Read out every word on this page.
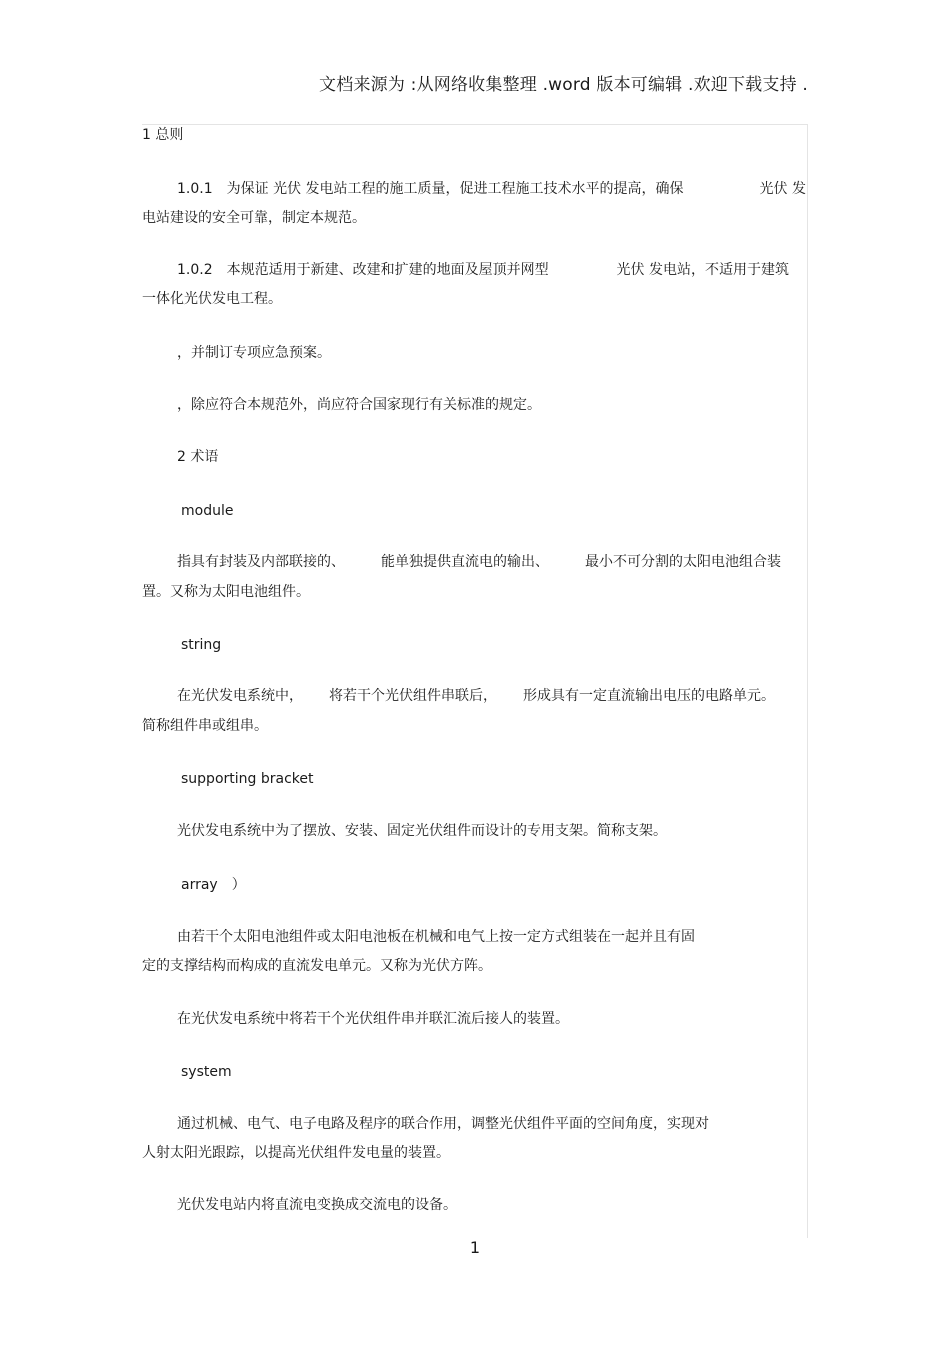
文档来源为 :从网络收集整理 .word 版本可编辑 .欢迎下载支持 .
1 总则
1.0.1　为保证 光伏 发电站工程的施工质量，促进工程施工技术水平的提高，确保	光伏 发
电站建设的安全可靠，制定本规范。
1.0.2　本规范适用于新建、改建和扩建的地面及屋顶并网型	光伏 发电站，不适用于建筑
一体化光伏发电工程。
，并制订专项应急预案。
，除应符合本规范外，尚应符合国家现行有关标准的规定。
2 术语
module
指具有封装及内部联接的、	能单独提供直流电的输出、	最小不可分割的太阳电池组合装
置。又称为太阳电池组件。
string
在光伏发电系统中， 将若干个光伏组件串联后， 形成具有一定直流输出电压的电路单元。
简称组件串或组串。
supporting bracket
光伏发电系统中为了摆放、安装、固定光伏组件而设计的专用支架。简称支架。
array　）
由若干个太阳电池组件或太阳电池板在机械和电气上按一定方式组装在一起并且有固
定的支撑结构而构成的直流发电单元。又称为光伏方阵。
在光伏发电系统中将若干个光伏组件串并联汇流后接人的装置。
system
通过机械、电气、电子电路及程序的联合作用，调整光伏组件平面的空间角度，实现对
人射太阳光跟踪，以提高光伏组件发电量的装置。
光伏发电站内将直流电变换成交流电的设备。
1
